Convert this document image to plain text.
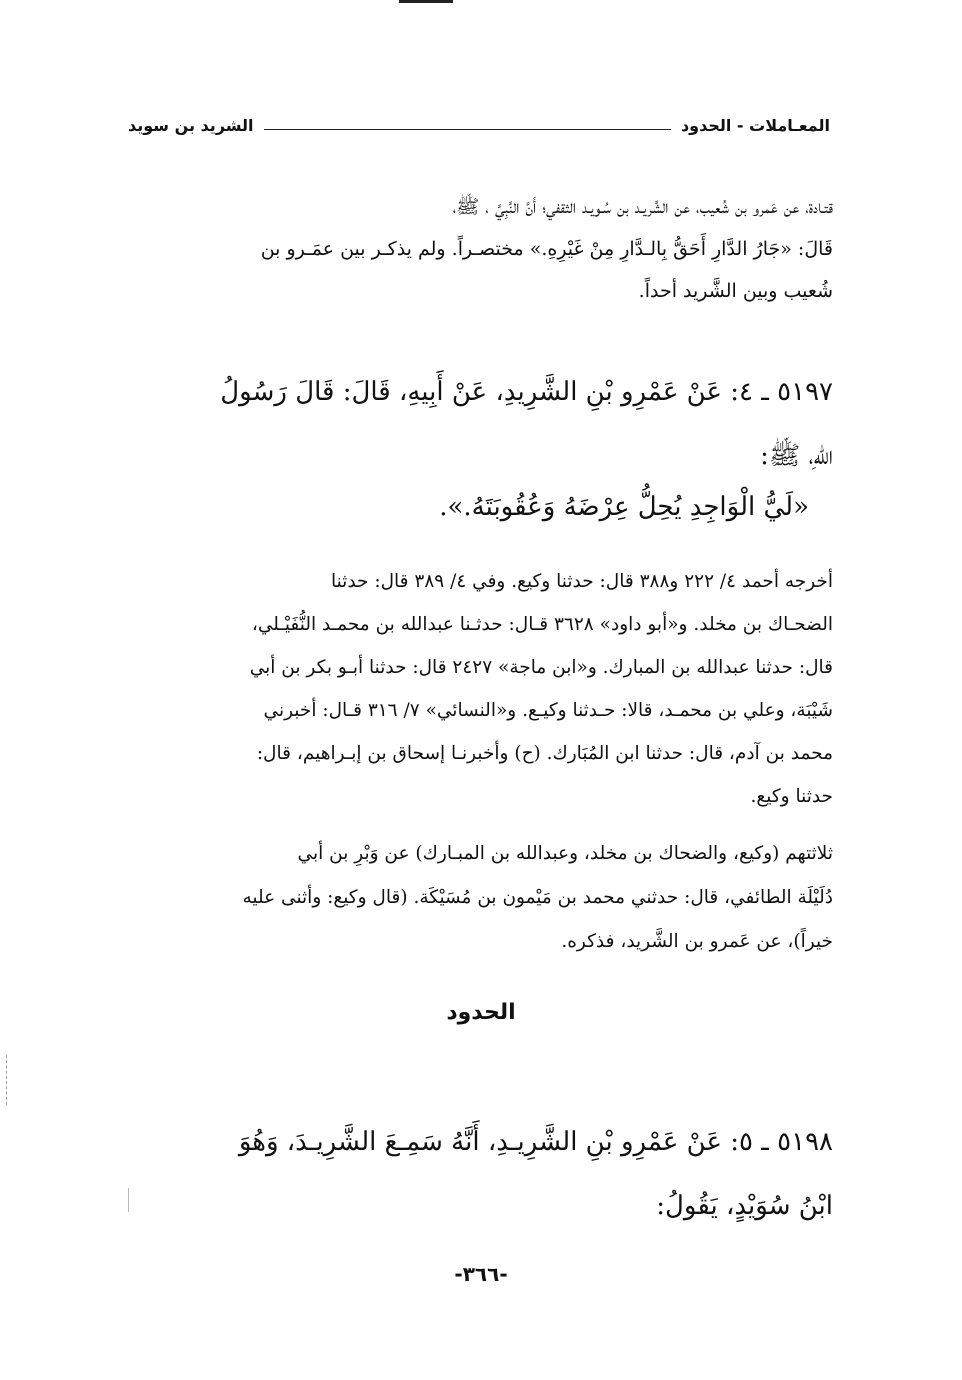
المعـاملات - الحدود
الشريد بن سويد
قتـادة، عن عَمرو بن شُعيب، عن الشَّريـد بن سُـويـد الثقفي؛ أَنَّ النَّبِيَّ ، ﷺ،
قَالَ: «جَارُ الدَّارِ أَحَقُّ بِالـدَّارِ مِنْ غَيْرِهِ.» مختصـراً. ولم يذكـر بين عمَـرو بن
شُعيب وبين الشَّريد أحداً.
٥١٩٧ ـ ٤: عَنْ عَمْرِو بْنِ الشَّرِيدِ، عَنْ أَبِيهِ، قَالَ: قَالَ رَسُولُ
اللهِ، ﷺ:
«لَيُّ الْوَاجِدِ يُحِلُّ عِرْضَهُ وَعُقُوبَتَهُ.».
أخرجه أحمد ٤/ ٢٢٢ و٣٨٨ قال: حدثنا وكيع. وفي ٤/ ٣٨٩ قال: حدثنا
الضحـاك بن مخلد. و«أبو داود» ٣٦٢٨ قـال: حدثـنا عبدالله بن محمـد النُّفَيْـلي،
قال: حدثنا عبدالله بن المبارك. و«ابن ماجة» ٢٤٢٧ قال: حدثنا أبـو بكر بن أبي
شَيْبَة، وعلي بن محمـد، قالا: حـدثنا وكيـع. و«النسائي» ٧/ ٣١٦ قـال: أخبرني
محمد بن آدم، قال: حدثنا ابن المُبَارك. (ح) وأخبرنـا إسحاق بن إبـراهيم، قال:
حدثنا وكيع.
ثلاثتهم (وكيع، والضحاك بن مخلد، وعبدالله بن المبـارك) عن وَبْرِ بن أبي
دُلَيْلَة الطائفي، قال: حدثني محمد بن مَيْمون بن مُسَيْكَة. (قال وكيع: وأثنى عليه
خيراً)، عن عَمرو بن الشَّريد، فذكره.
الحدود
٥١٩٨ ـ ٥: عَنْ عَمْرِو بْنِ الشَّرِيـدِ، أَنَّهُ سَمِـعَ الشَّرِيـدَ، وَهُوَ
ابْنُ سُوَيْدٍ، يَقُولُ:
-٣٦٦-
